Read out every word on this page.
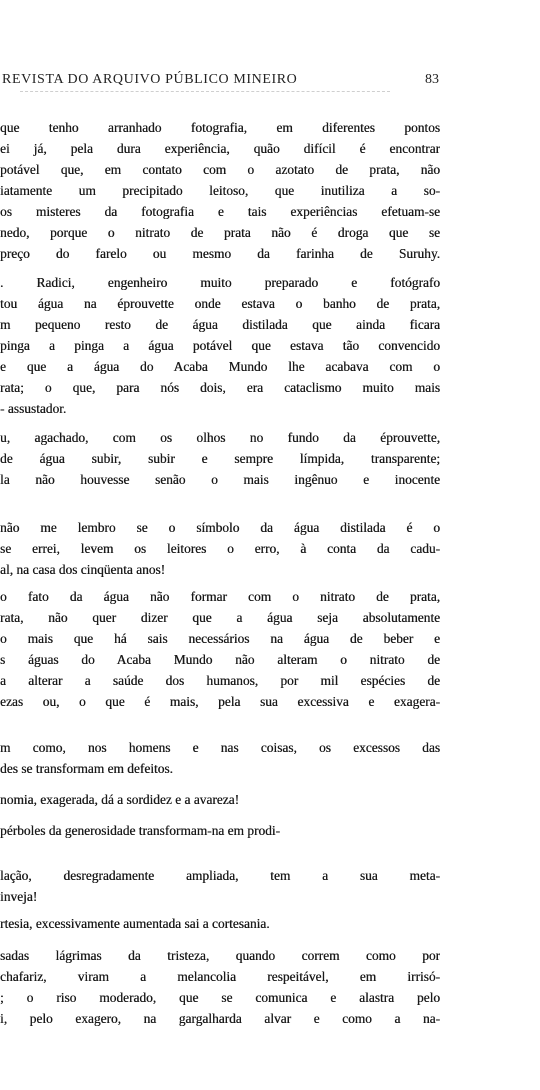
REVISTA DO ARQUIVO PÚBLICO MINEIRO	83
que tenho arranhado fotografia, em diferentes pontos
ei já, pela dura experiência, quão difícil é encontrar
potável que, em contato com o azotato de prata, não
iatamente um precipitado leitoso, que inutiliza a so-
os misteres da fotografia e tais experiências efetuam-se
nedo, porque o nitrato de prata não é droga que se
preço do farelo ou mesmo da farinha de Suruhy.
. Radici, engenheiro muito preparado e fotógrafo
tou água na éprouvette onde estava o banho de prata,
m pequeno resto de água distilada que ainda ficara
pinga a pinga a água potável que estava tão convencido
e que a água do Acaba Mundo lhe acabava com o
rata; o que, para nós dois, era cataclismo muito mais
- assustador.
u, agachado, com os olhos no fundo da éprouvette,
de água subir, subir e sempre límpida, transparente;
la não houvesse senão o mais ingênuo e inocente
não me lembro se o símbolo da água distilada é o
se errei, levem os leitores o erro, à conta da cadu-
al, na casa dos cinqüenta anos!
o fato da água não formar com o nitrato de prata,
rata, não quer dizer que a água seja absolutamente
o mais que há sais necessários na água de beber e
s águas do Acaba Mundo não alteram o nitrato de
a alterar a saúde dos humanos, por mil espécies de
ezas ou, o que é mais, pela sua excessiva e exagera-
m como, nos homens e nas coisas, os excessos das
des se transformam em defeitos.
nomia, exagerada, dá a sordidez e a avareza!
pérboles da generosidade transformam-na em prodi-
lação, desregradamente ampliada, tem a sua meta-
inveja!
rtesia, excessivamente aumentada sai a cortesania.
sadas lágrimas da tristeza, quando correm como por
chafariz, viram a melancolia respeitável, em irrisó-
; o riso moderado, que se comunica e alastra pelo
i, pelo exagero, na gargalharda alvar e como a na-
